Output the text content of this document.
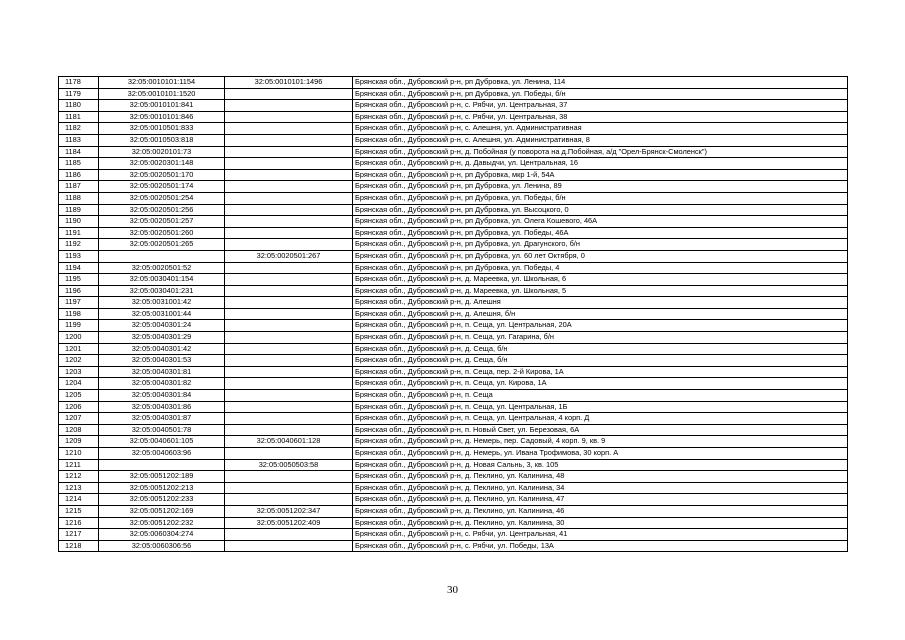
1178	32:05:0010101:1154	32:05:0010101:1496	Брянская обл., Дубровский р-н, рп Дубровка, ул. Ленина, 114
1179	32:05:0010101:1520		Брянская обл., Дубровский р-н, рп Дубровка, ул. Победы, б/н
1180	32:05:0010101:841		Брянская обл., Дубровский р-н, с. Рябчи, ул. Центральная, 37
1181	32:05:0010101:846		Брянская обл., Дубровский р-н, с. Рябчи, ул. Центральная, 38
1182	32:05:0010501:833		Брянская обл., Дубровский р-н, с. Алешня, ул. Административная
1183	32:05:0010503:818		Брянская обл., Дубровский р-н, с. Алешня, ул. Административная, 8
1184	32:05:0020101:73		Брянская обл., Дубровский р-н, д. Побойная (у поворота на д.Побойная, а/д "Орел-Брянск-Смоленск")
1185	32:05:0020301:148		Брянская обл., Дубровский р-н, д. Давыдчи, ул. Центральная, 16
1186	32:05:0020501:170		Брянская обл., Дубровский р-н, рп Дубровка, мкр 1-й, 54А
1187	32:05:0020501:174		Брянская обл., Дубровский р-н, рп Дубровка, ул. Ленина, 89
1188	32:05:0020501:254		Брянская обл., Дубровский р-н, рп Дубровка, ул. Победы, б/н
1189	32:05:0020501:256		Брянская обл., Дубровский р-н, рп Дубровка, ул. Высоцкого, 0
1190	32:05:0020501:257		Брянская обл., Дубровский р-н, рп Дубровка, ул. Олега Кошевого, 46А
1191	32:05:0020501:260		Брянская обл., Дубровский р-н, рп Дубровка, ул. Победы, 46А
1192	32:05:0020501:265		Брянская обл., Дубровский р-н, рп Дубровка, ул. Драгунского, б/н
1193		32:05:0020501:267	Брянская обл., Дубровский р-н, рп Дубровка, ул. 60 лет Октября, 0
1194	32:05:0020501:52		Брянская обл., Дубровский р-н, рп Дубровка, ул. Победы, 4
1195	32:05:0030401:154		Брянская обл., Дубровский р-н, д. Мареевка, ул. Школьная, 6
1196	32:05:0030401:231		Брянская обл., Дубровский р-н, д. Мареевка, ул. Школьная, 5
1197	32:05:0031001:42		Брянская обл., Дубровский р-н, д. Алешня
1198	32:05:0031001:44		Брянская обл., Дубровский р-н, д. Алешня, б/н
1199	32:05:0040301:24		Брянская обл., Дубровский р-н, п. Сеща, ул. Центральная, 20А
1200	32:05:0040301:29		Брянская обл., Дубровский р-н, п. Сеща, ул. Гагарина, б/н
1201	32:05:0040301:42		Брянская обл., Дубровский р-н, д. Сеща, б/н
1202	32:05:0040301:53		Брянская обл., Дубровский р-н, д. Сеща, б/н
1203	32:05:0040301:81		Брянская обл., Дубровский р-н, п. Сеща, пер. 2-й Кирова, 1А
1204	32:05:0040301:82		Брянская обл., Дубровский р-н, п. Сеща, ул. Кирова, 1А
1205	32:05:0040301:84		Брянская обл., Дубровский р-н, п. Сеща
1206	32:05:0040301:86		Брянская обл., Дубровский р-н, п. Сеща, ул. Центральная, 1Б
1207	32:05:0040301:87		Брянская обл., Дубровский р-н, п. Сеща, ул. Центральная, 4 корп. Д
1208	32:05:0040501:78		Брянская обл., Дубровский р-н, п. Новый Свет, ул. Березовая, 6А
1209	32:05:0040601:105	32:05:0040601:128	Брянская обл., Дубровский р-н, д. Немерь, пер. Садовый, 4 корп. 9, кв. 9
1210	32:05:0040603:96		Брянская обл., Дубровский р-н, д. Немерь, ул. Ивана Трофимова, 30 корп. А
1211		32:05:0050503:58	Брянская обл., Дубровский р-н, д. Новая Сальнь, 3, кв. 105
1212	32:05:0051202:189		Брянская обл., Дубровский р-н, д. Пеклино, ул. Калинина, 48
1213	32:05:0051202:213		Брянская обл., Дубровский р-н, д. Пеклино, ул. Калинина, 34
1214	32:05:0051202:233		Брянская обл., Дубровский р-н, д. Пеклино, ул. Калинина, 47
1215	32:05:0051202:169	32:05:0051202:347	Брянская обл., Дубровский р-н, д. Пеклино, ул. Калинина, 46
1216	32:05:0051202:232	32:05:0051202:409	Брянская обл., Дубровский р-н, д. Пеклино, ул. Калинина, 30
1217	32:05:0060304:274		Брянская обл., Дубровский р-н, с. Рябчи, ул. Центральная, 41
1218	32:05:0060306:56		Брянская обл., Дубровский р-н, с. Рябчи, ул. Победы, 13А
30
